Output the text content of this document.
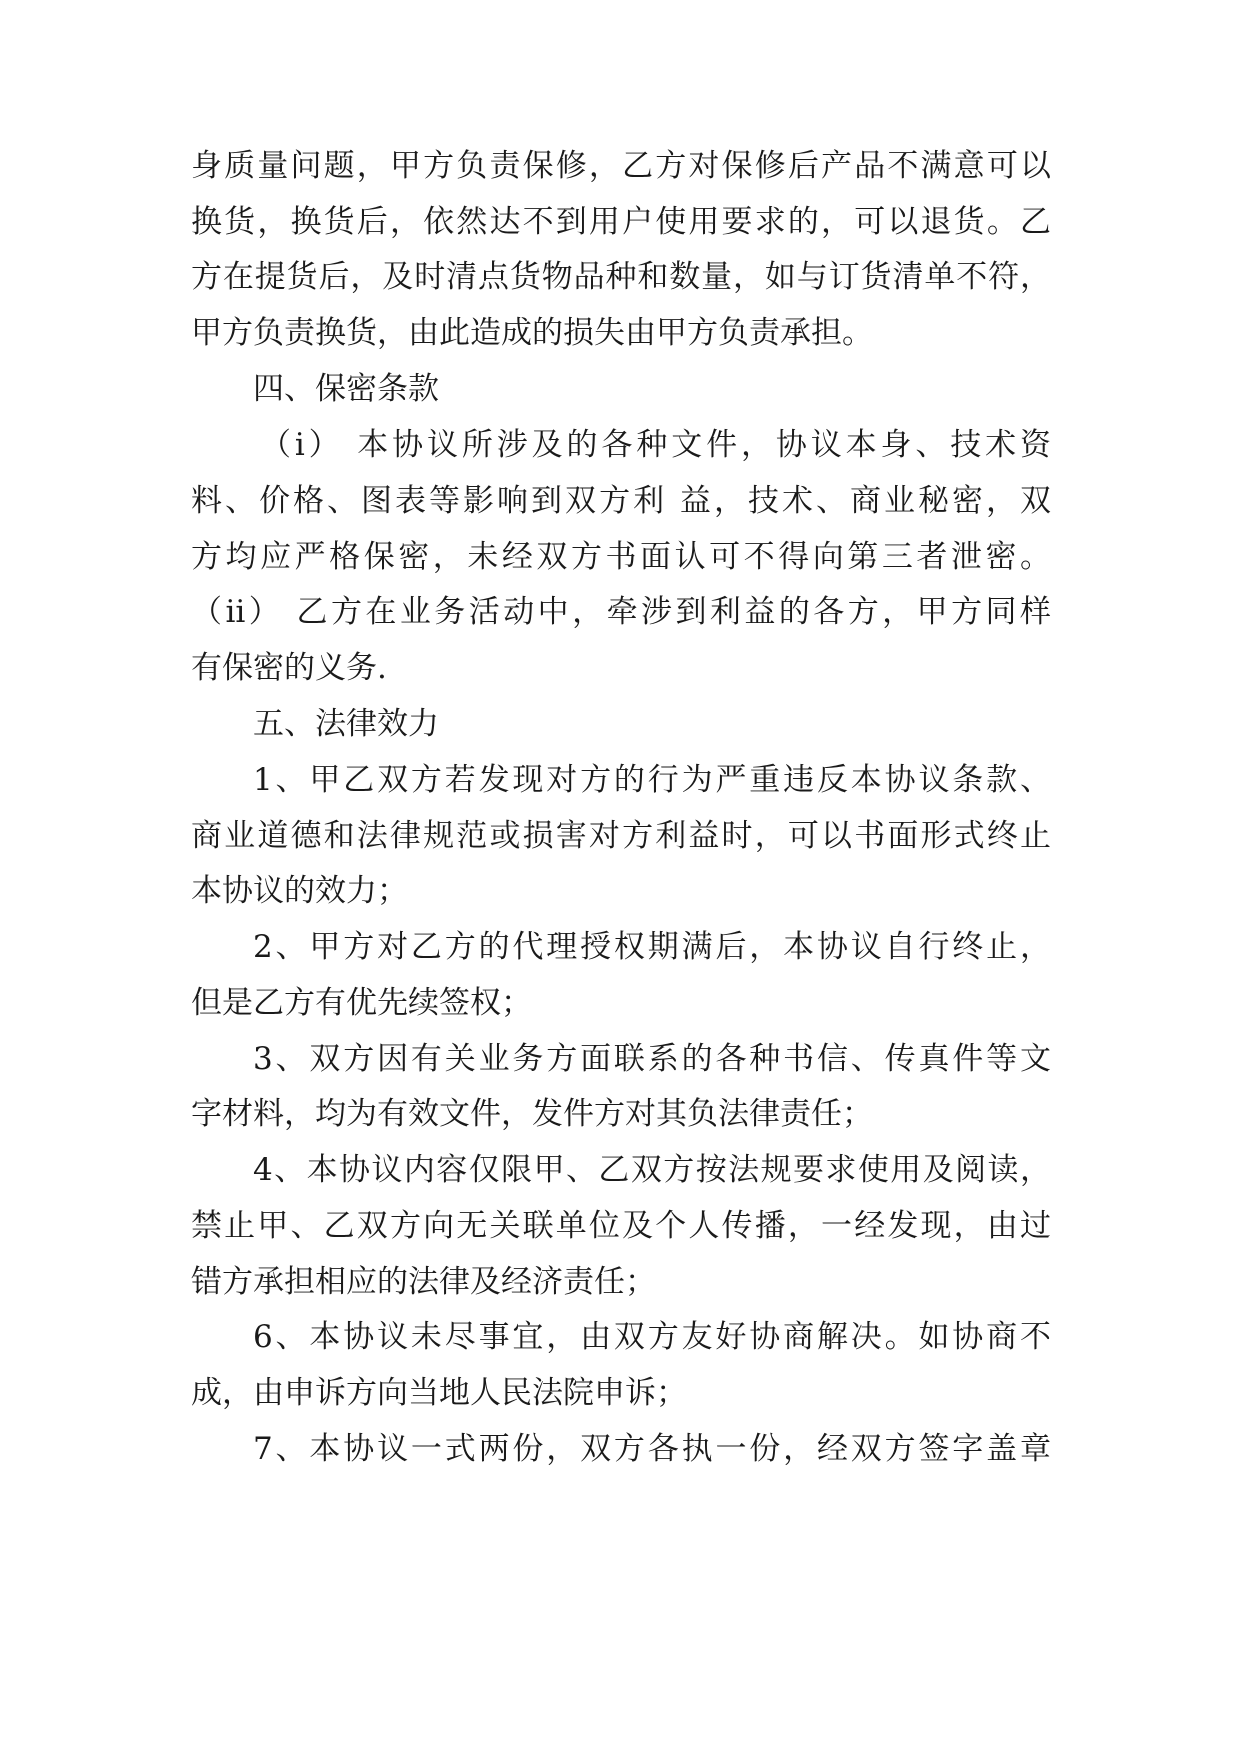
身质量问题，甲方负责保修，乙方对保修后产品不满意可以
换货，换货后，依然达不到用户使用要求的，可以退货。乙
方在提货后，及时清点货物品种和数量，如与订货清单不符，
甲方负责换货，由此造成的损失由甲方负责承担。
四、保密条款
（ⅰ） 本协议所涉及的各种文件，协议本身、技术资
料、价格、图表等影响到双方利 益，技术、商业秘密，双
方均应严格保密，未经双方书面认可不得向第三者泄密。
（ⅱ） 乙方在业务活动中，牵涉到利益的各方，甲方同样
有保密的义务.
五、法律效力
1、甲乙双方若发现对方的行为严重违反本协议条款、
商业道德和法律规范或损害对方利益时，可以书面形式终止
本协议的效力；
2、甲方对乙方的代理授权期满后，本协议自行终止，
但是乙方有优先续签权；
3、双方因有关业务方面联系的各种书信、传真件等文
字材料，均为有效文件，发件方对其负法律责任；
4、本协议内容仅限甲、乙双方按法规要求使用及阅读，
禁止甲、乙双方向无关联单位及个人传播，一经发现，由过
错方承担相应的法律及经济责任；
6、本协议未尽事宜，由双方友好协商解决。如协商不
成，由申诉方向当地人民法院申诉；
7、本协议一式两份，双方各执一份，经双方签字盖章
